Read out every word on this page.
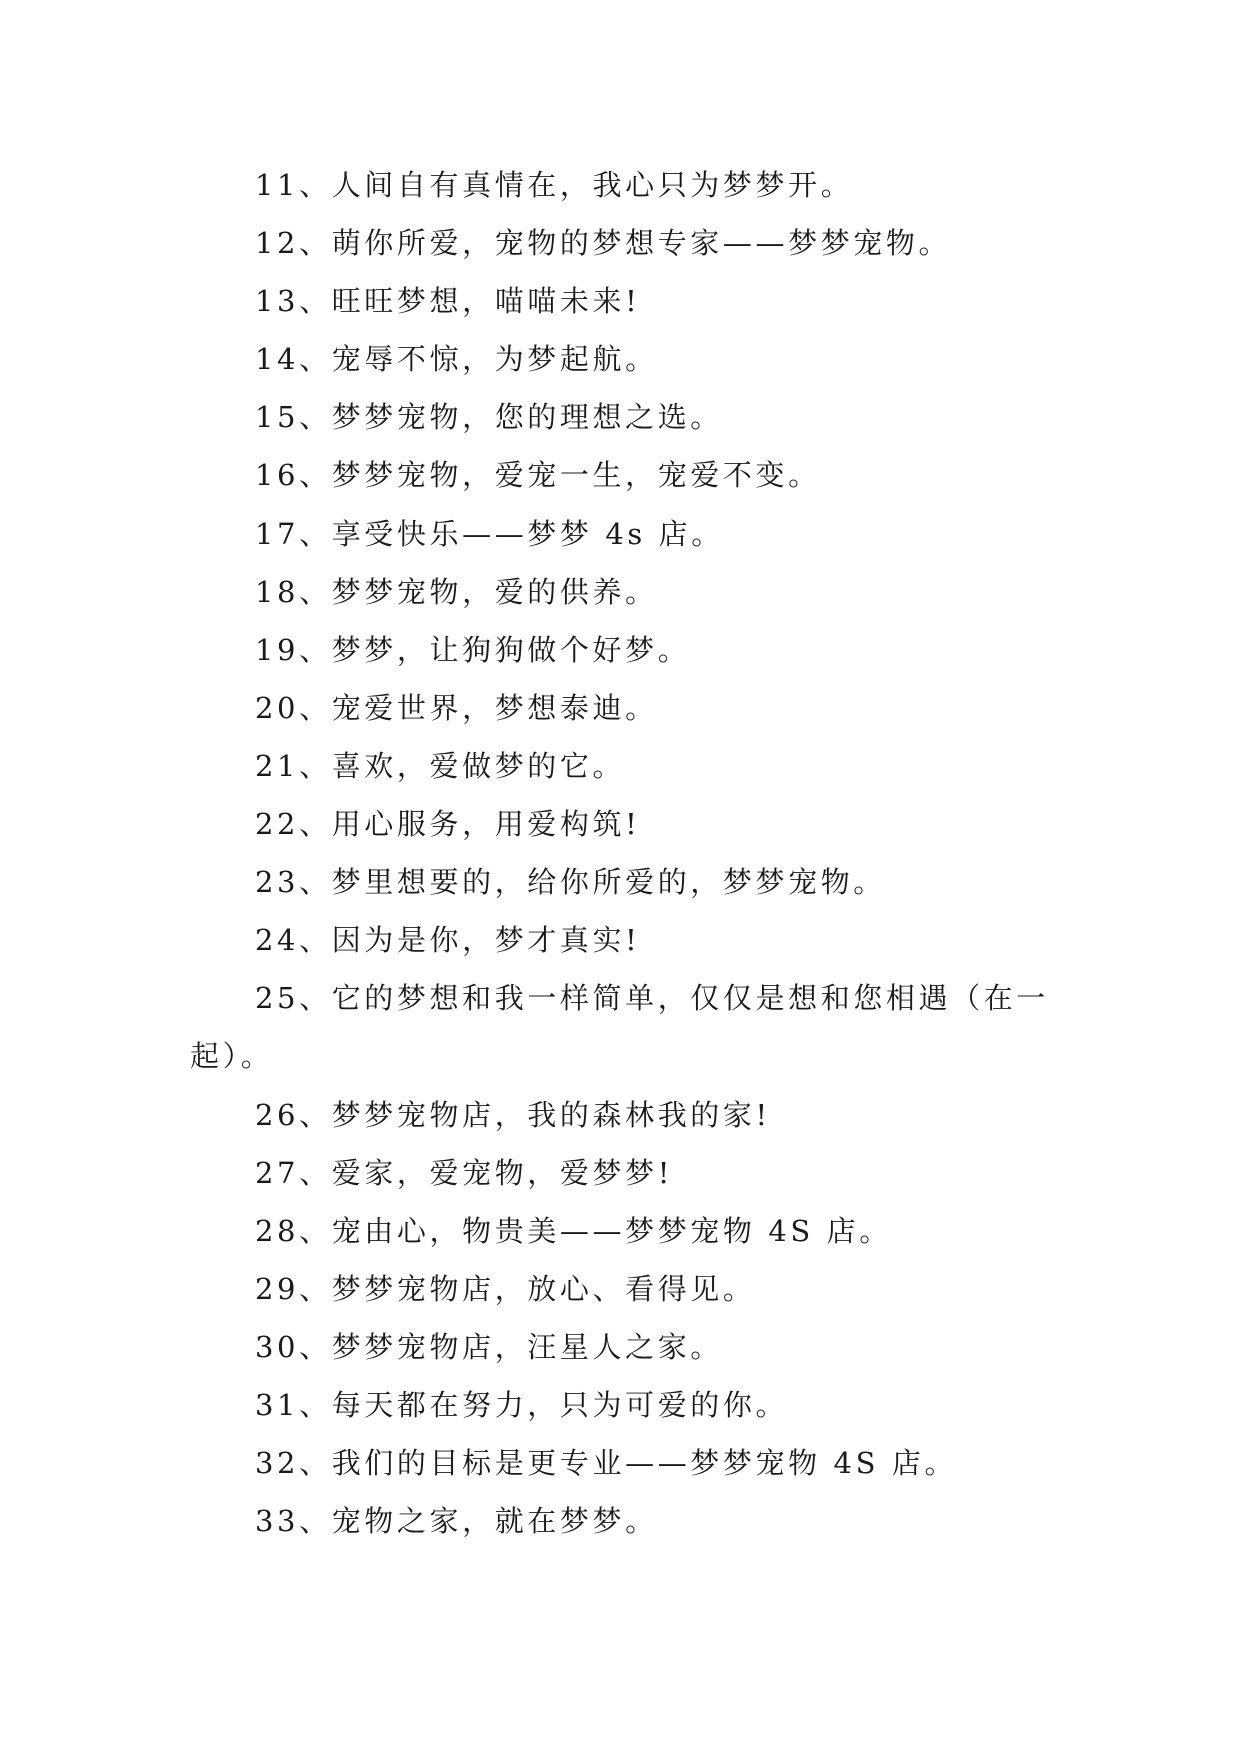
11、人间自有真情在，我心只为梦梦开。

12、萌你所爱，宠物的梦想专家——梦梦宠物。

13、旺旺梦想，喵喵未来!

14、宠辱不惊，为梦起航。

15、梦梦宠物，您的理想之选。

16、梦梦宠物，爱宠一生，宠爱不变。

17、享受快乐——梦梦 4s 店。

18、梦梦宠物，爱的供养。

19、梦梦，让狗狗做个好梦。

20、宠爱世界，梦想泰迪。

21、喜欢，爱做梦的它。

22、用心服务，用爱构筑!

23、梦里想要的，给你所爱的，梦梦宠物。

24、因为是你，梦才真实!

25、它的梦想和我一样简单，仅仅是想和您相遇（在一起）。

26、梦梦宠物店，我的森林我的家!

27、爱家，爱宠物，爱梦梦!

28、宠由心，物贵美——梦梦宠物 4S 店。

29、梦梦宠物店，放心、看得见。

30、梦梦宠物店，汪星人之家。

31、每天都在努力，只为可爱的你。

32、我们的目标是更专业——梦梦宠物 4S 店。

33、宠物之家，就在梦梦。
